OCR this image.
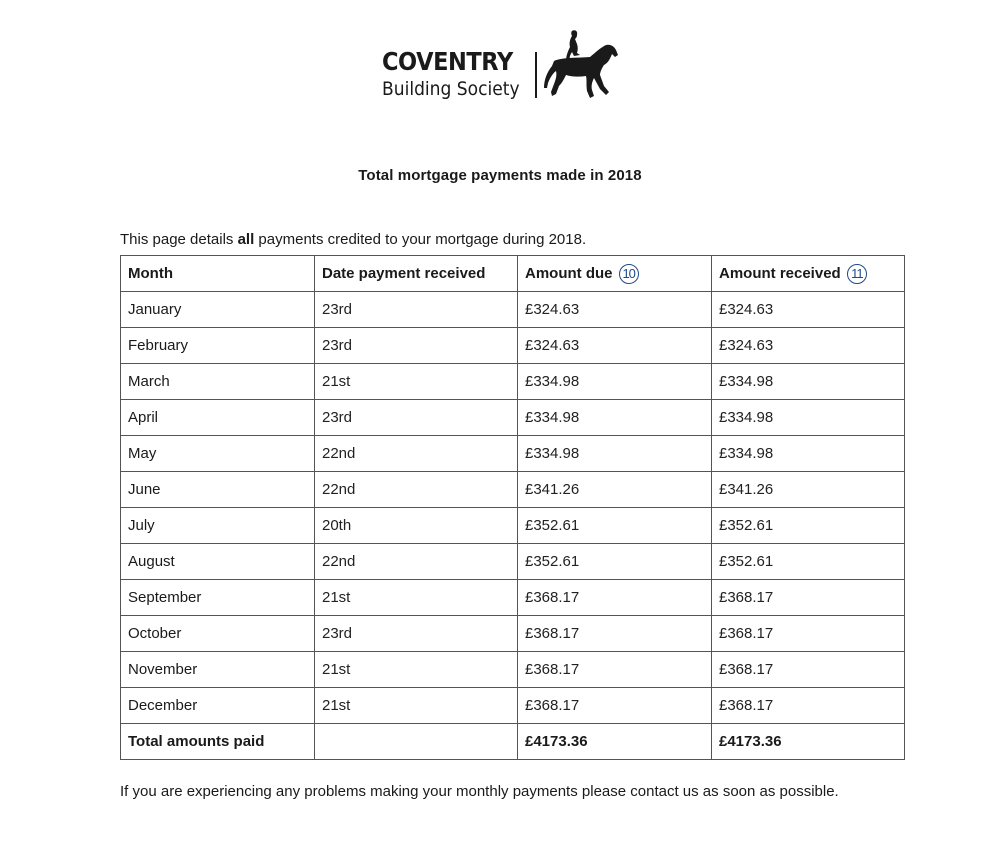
COVENTRY
Building Society
Total mortgage payments made in 2018
This page details all payments credited to your mortgage during 2018.
Month	Date payment received	Amount due 10	Amount received 11
January	23rd	£324.63	£324.63
February	23rd	£324.63	£324.63
March	21st	£334.98	£334.98
April	23rd	£334.98	£334.98
May	22nd	£334.98	£334.98
June	22nd	£341.26	£341.26
July	20th	£352.61	£352.61
August	22nd	£352.61	£352.61
September	21st	£368.17	£368.17
October	23rd	£368.17	£368.17
November	21st	£368.17	£368.17
December	21st	£368.17	£368.17
Total amounts paid		£4173.36	£4173.36
If you are experiencing any problems making your monthly payments please contact us as soon as possible.
